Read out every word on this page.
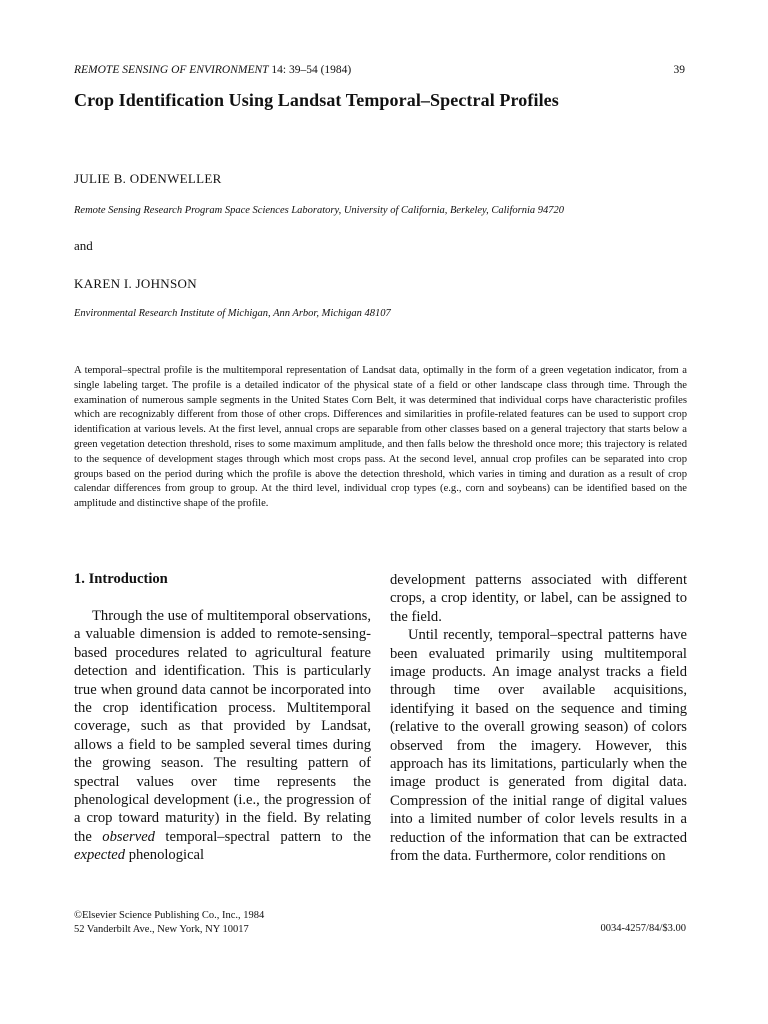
REMOTE SENSING OF ENVIRONMENT 14: 39–54 (1984)	39
Crop Identification Using Landsat Temporal–Spectral Profiles
JULIE B. ODENWELLER
Remote Sensing Research Program Space Sciences Laboratory, University of California, Berkeley, California 94720
and
KAREN I. JOHNSON
Environmental Research Institute of Michigan, Ann Arbor, Michigan 48107

A temporal–spectral profile is the multitemporal representation of Landsat data, optimally in the form of a green vegetation indicator, from a single labeling target. The profile is a detailed indicator of the physical state of a field or other landscape class through time. Through the examination of numerous sample segments in the United States Corn Belt, it was determined that individual corps have characteristic profiles which are recognizably different from those of other crops. Differences and similarities in profile-related features can be used to support crop identification at various levels. At the first level, annual crops are separable from other classes based on a general trajectory that starts below a green vegetation detection threshold, rises to some maximum amplitude, and then falls below the threshold once more; this trajectory is related to the sequence of development stages through which most crops pass. At the second level, annual crop profiles can be separated into crop groups based on the period during which the profile is above the detection threshold, which varies in timing and duration as a result of crop calendar differences from group to group. At the third level, individual crop types (e.g., corn and soybeans) can be identified based on the amplitude and distinctive shape of the profile.

1. Introduction

Through the use of multitemporal observations, a valuable dimension is added to remote-sensing-based procedures related to agricultural feature detection and identification. This is particularly true when ground data cannot be incorporated into the crop identification process. Multitemporal coverage, such as that provided by Landsat, allows a field to be sampled several times during the growing season. The resulting pattern of spectral values over time represents the phenological development (i.e., the progression of a crop toward maturity) in the field. By relating the observed temporal–spectral pattern to the expected phenological

development patterns associated with different crops, a crop identity, or label, can be assigned to the field.

Until recently, temporal–spectral patterns have been evaluated primarily using multitemporal image products. An image analyst tracks a field through time over available acquisitions, identifying it based on the sequence and timing (relative to the overall growing season) of colors observed from the imagery. However, this approach has its limitations, particularly when the image product is generated from digital data. Compression of the initial range of digital values into a limited number of color levels results in a reduction of the information that can be extracted from the data. Furthermore, color renditions on

©Elsevier Science Publishing Co., Inc., 1984
52 Vanderbilt Ave., New York, NY 10017	0034-4257/84/$3.00
